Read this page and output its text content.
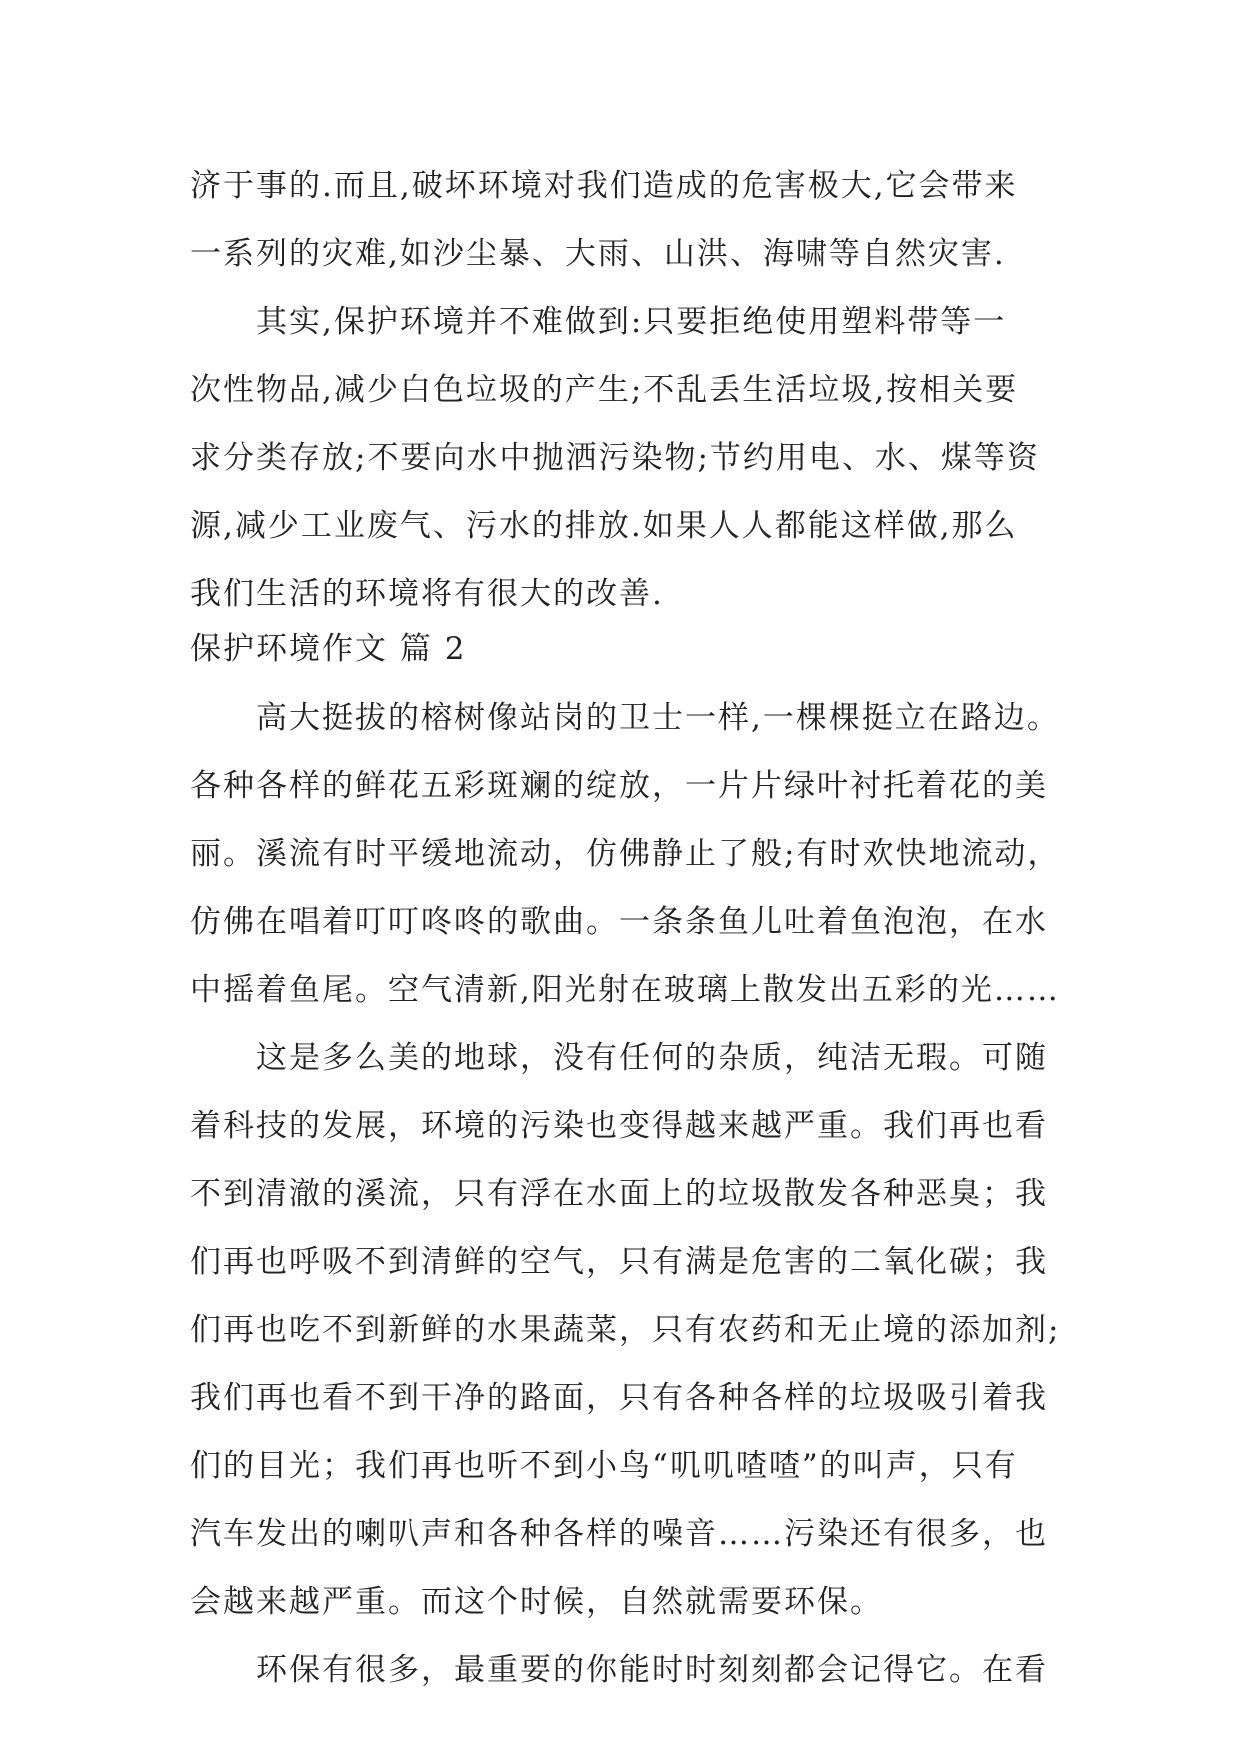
济于事的.而且,破坏环境对我们造成的危害极大,它会带来
一系列的灾难,如沙尘暴、大雨、山洪、海啸等自然灾害.
其实,保护环境并不难做到:只要拒绝使用塑料带等一
次性物品,减少白色垃圾的产生;不乱丢生活垃圾,按相关要
求分类存放;不要向水中抛洒污染物;节约用电、水、煤等资
源,减少工业废气、污水的排放.如果人人都能这样做,那么
我们生活的环境将有很大的改善.
保护环境作文 篇 2
高大挺拔的榕树像站岗的卫士一样,一棵棵挺立在路边。
各种各样的鲜花五彩斑斓的绽放，一片片绿叶衬托着花的美
丽。溪流有时平缓地流动，仿佛静止了般;有时欢快地流动，
仿佛在唱着叮叮咚咚的歌曲。一条条鱼儿吐着鱼泡泡，在水
中摇着鱼尾。空气清新,阳光射在玻璃上散发出五彩的光……
这是多么美的地球，没有任何的杂质，纯洁无瑕。可随
着科技的发展，环境的污染也变得越来越严重。我们再也看
不到清澈的溪流，只有浮在水面上的垃圾散发各种恶臭；我
们再也呼吸不到清鲜的空气，只有满是危害的二氧化碳；我
们再也吃不到新鲜的水果蔬菜，只有农药和无止境的添加剂;
我们再也看不到干净的路面，只有各种各样的垃圾吸引着我
们的目光；我们再也听不到小鸟“叽叽喳喳”的叫声，只有
汽车发出的喇叭声和各种各样的噪音……污染还有很多，也
会越来越严重。而这个时候，自然就需要环保。
环保有很多，最重要的你能时时刻刻都会记得它。在看
